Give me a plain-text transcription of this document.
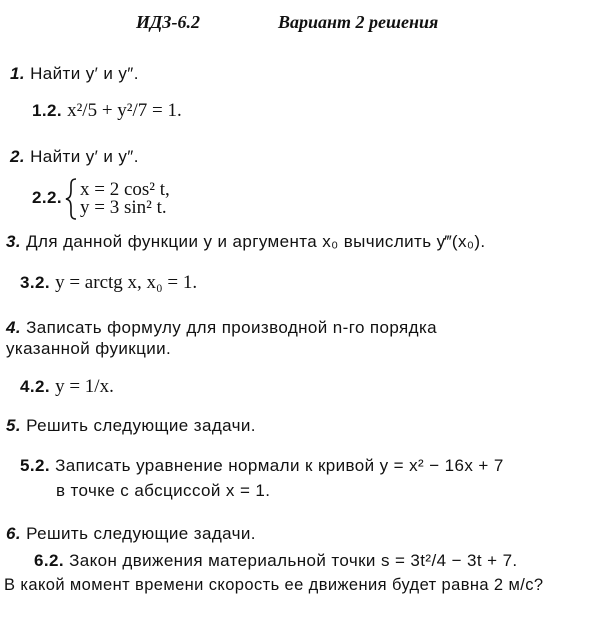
ИДЗ-6.2	Вариант 2 решения
1. Найти y′ и y″.
1.2. x²/5 + y²/7 = 1.
2. Найти y′ и y″.
2.2. x = 2 cos² t,
y = 3 sin² t.
3. Для данной функции y и аргумента x₀ вычислить y‴(x₀).
3.2. y = arctg x, x₀ = 1.
4. Записать формулу для производной n-го порядка
указанной фуикции.
4.2. y = 1/x.
5. Решить следующие задачи.
5.2. Записать уравнение нормали к кривой y = x² − 16x + 7
в точке с абсциссой x = 1.
6. Решить следующие задачи.
6.2. Закон движения материальной точки s = 3t²/4 − 3t + 7.
В какой момент времени скорость ее движения будет равна 2 м/с?
